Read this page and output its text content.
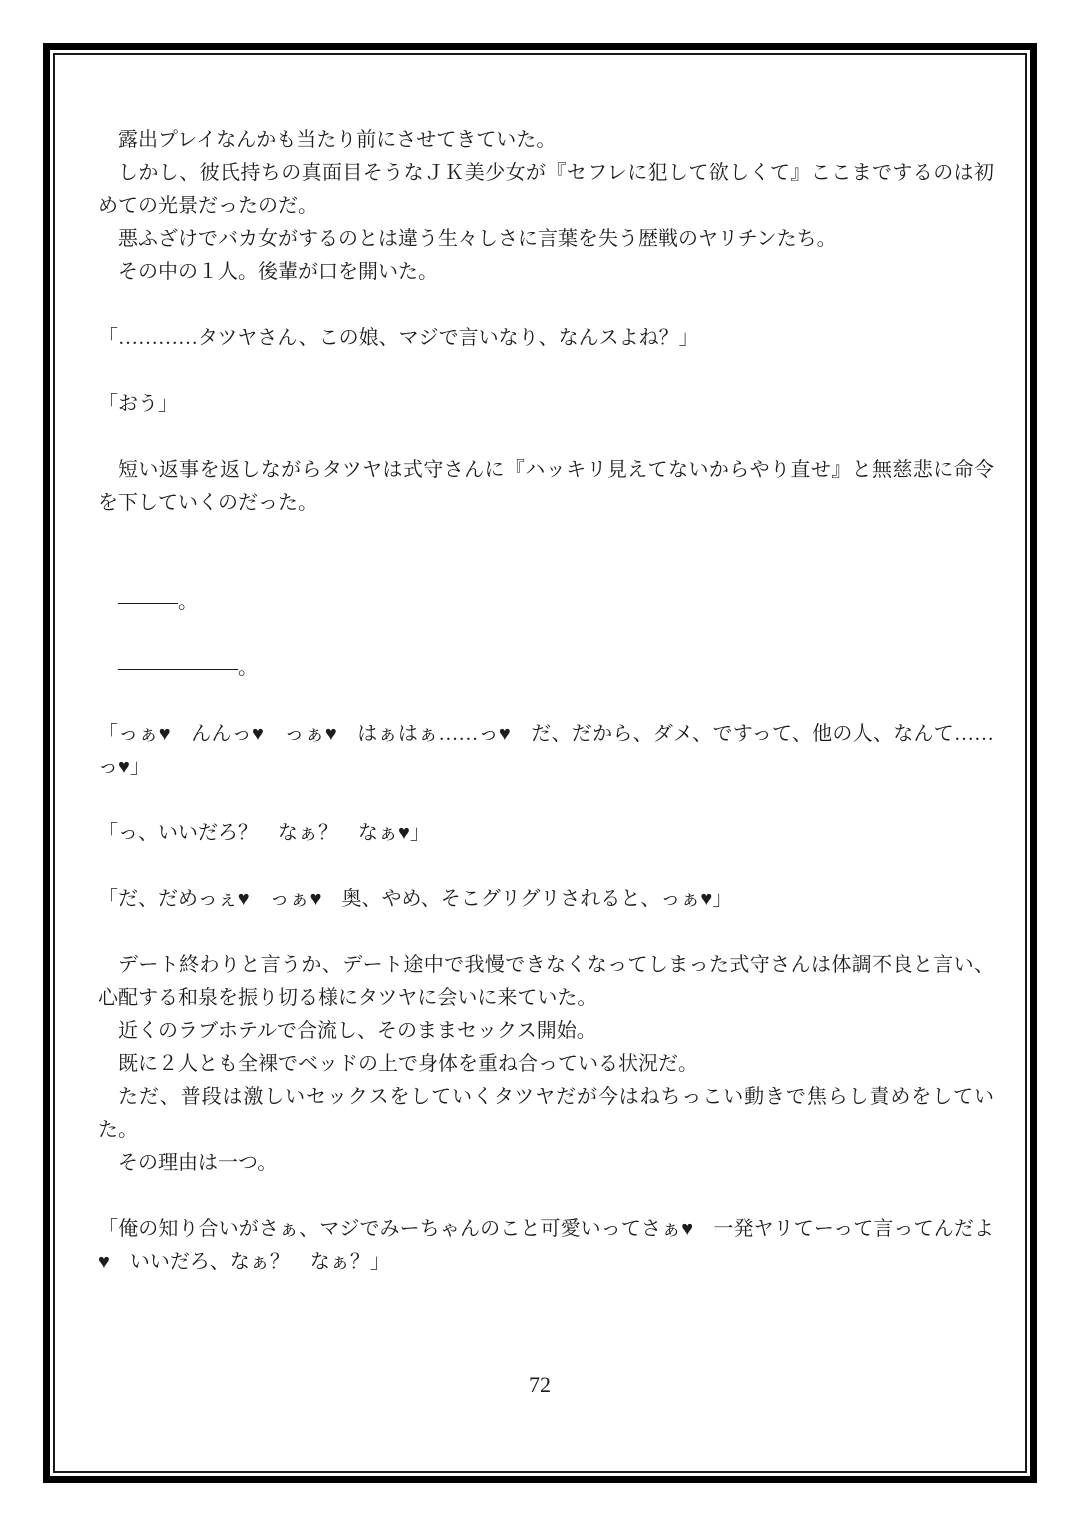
露出プレイなんかも当たり前にさせてきていた。

しかし、彼氏持ちの真面目そうなＪＫ美少女が『セフレに犯して欲しくて』ここまでするのは初めての光景だったのだ。

悪ふざけでバカ女がするのとは違う生々しさに言葉を失う歴戦のヤリチンたち。

その中の１人。後輩が口を開いた。

「…………タツヤさん、この娘、マジで言いなり、なんスよね？」

「おう」

短い返事を返しながらタツヤは式守さんに『ハッキリ見えてないからやり直せ』と無慈悲に命令を下していくのだった。

―――。

――――――。

「っぁ♥　んんっ♥　っぁ♥　はぁはぁ……っ♥　だ、だから、ダメ、ですって、他の人、なんて……っ♥」

「っ、いいだろ？　なぁ？　なぁ♥」

「だ、だめっぇ♥　っぁ♥　奥、やめ、そこグリグリされると、っぁ♥」

デート終わりと言うか、デート途中で我慢できなくなってしまった式守さんは体調不良と言い、心配する和泉を振り切る様にタツヤに会いに来ていた。

近くのラブホテルで合流し、そのままセックス開始。

既に２人とも全裸でベッドの上で身体を重ね合っている状況だ。

ただ、普段は激しいセックスをしていくタツヤだが今はねちっこい動きで焦らし責めをしていた。

その理由は一つ。

「俺の知り合いがさぁ、マジでみーちゃんのこと可愛いってさぁ♥　一発ヤリてーって言ってんだよ♥　いいだろ、なぁ？　なぁ？」

72
